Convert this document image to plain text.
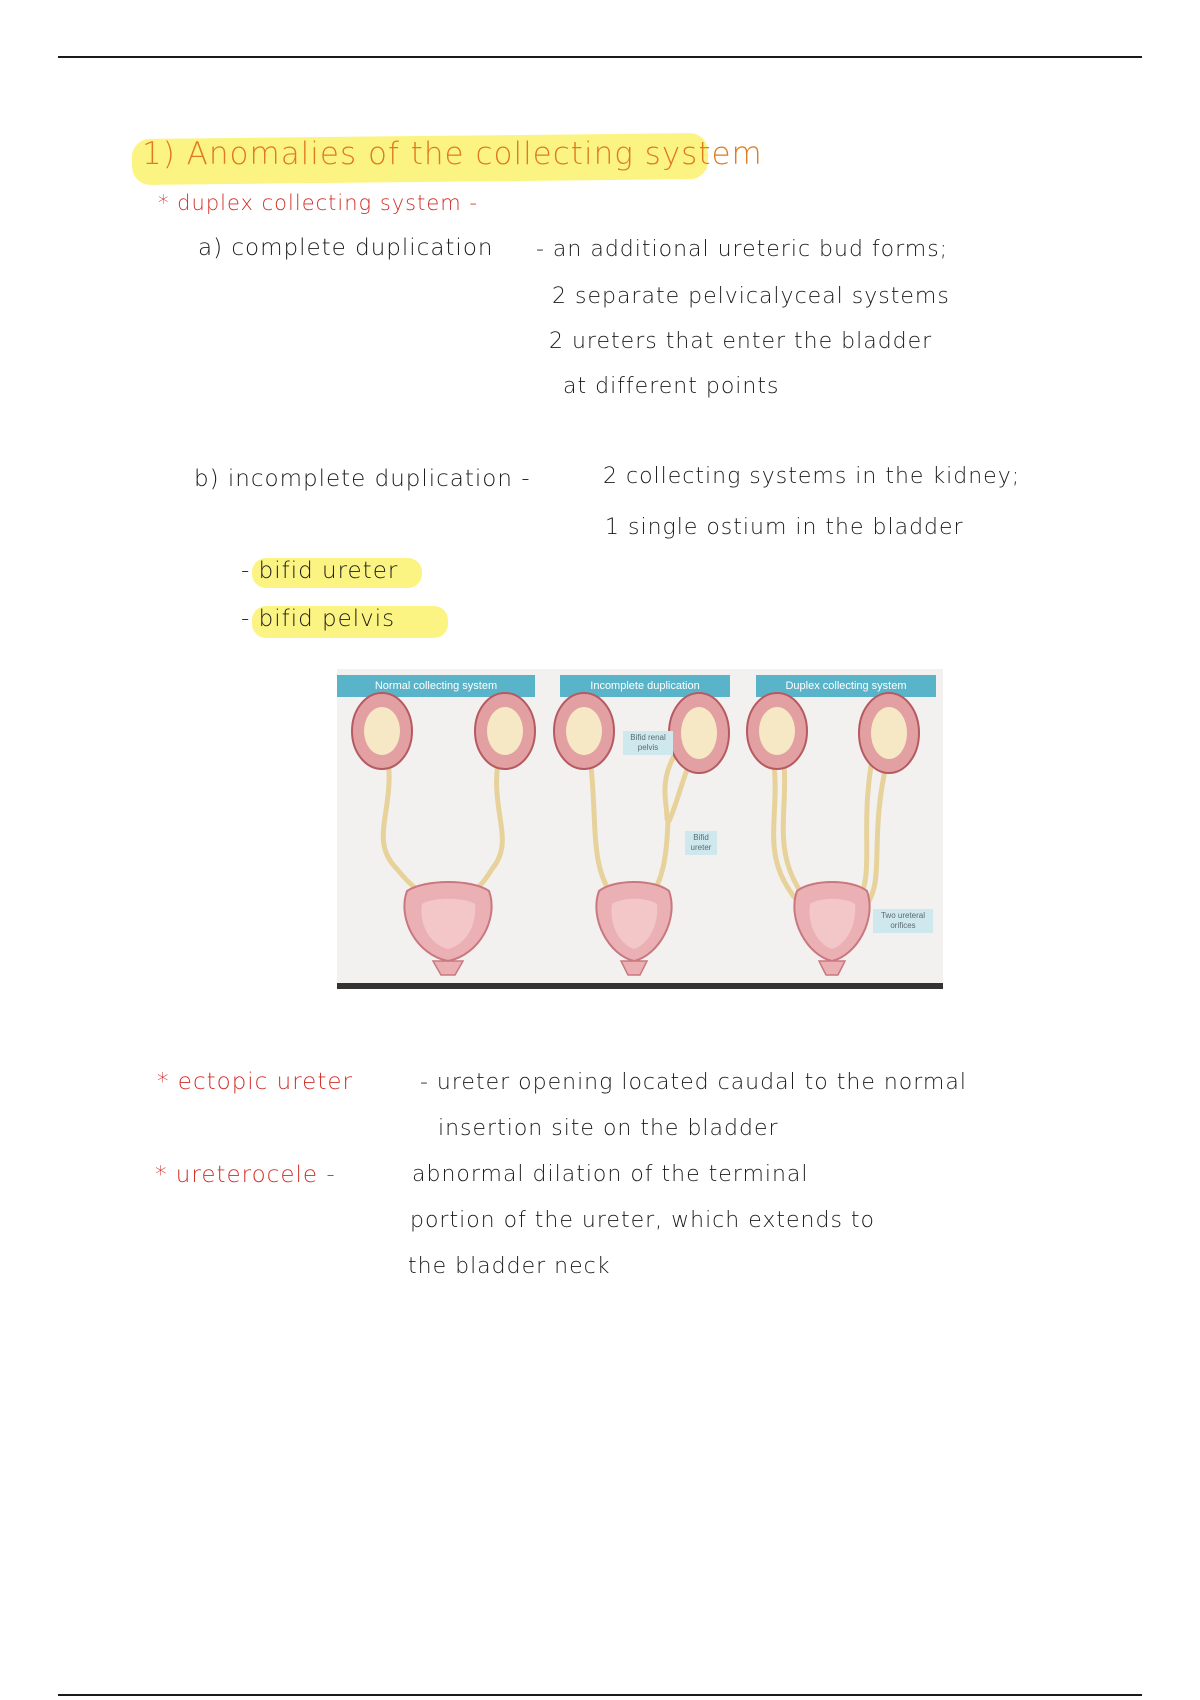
1) Anomalies of the collecting system
* duplex collecting system -
a) complete duplication - an additional ureteric bud forms;
2 separate pelvicalyceal systems
2 ureters that enter the bladder
at different points
b) incomplete duplication -	2 collecting systems in the kidney;
1 single ostium in the bladder
- bifid ureter
- bifid pelvis
Normal collecting system	Incomplete duplication	Duplex collecting system
Bifid renal pelvis
Bifid ureter
Two ureteral orifices
* ectopic ureter	- ureter opening located caudal to the normal
insertion site on the bladder
* ureterocele -	abnormal dilation of the terminal
portion of the ureter, which extends to
the bladder neck
